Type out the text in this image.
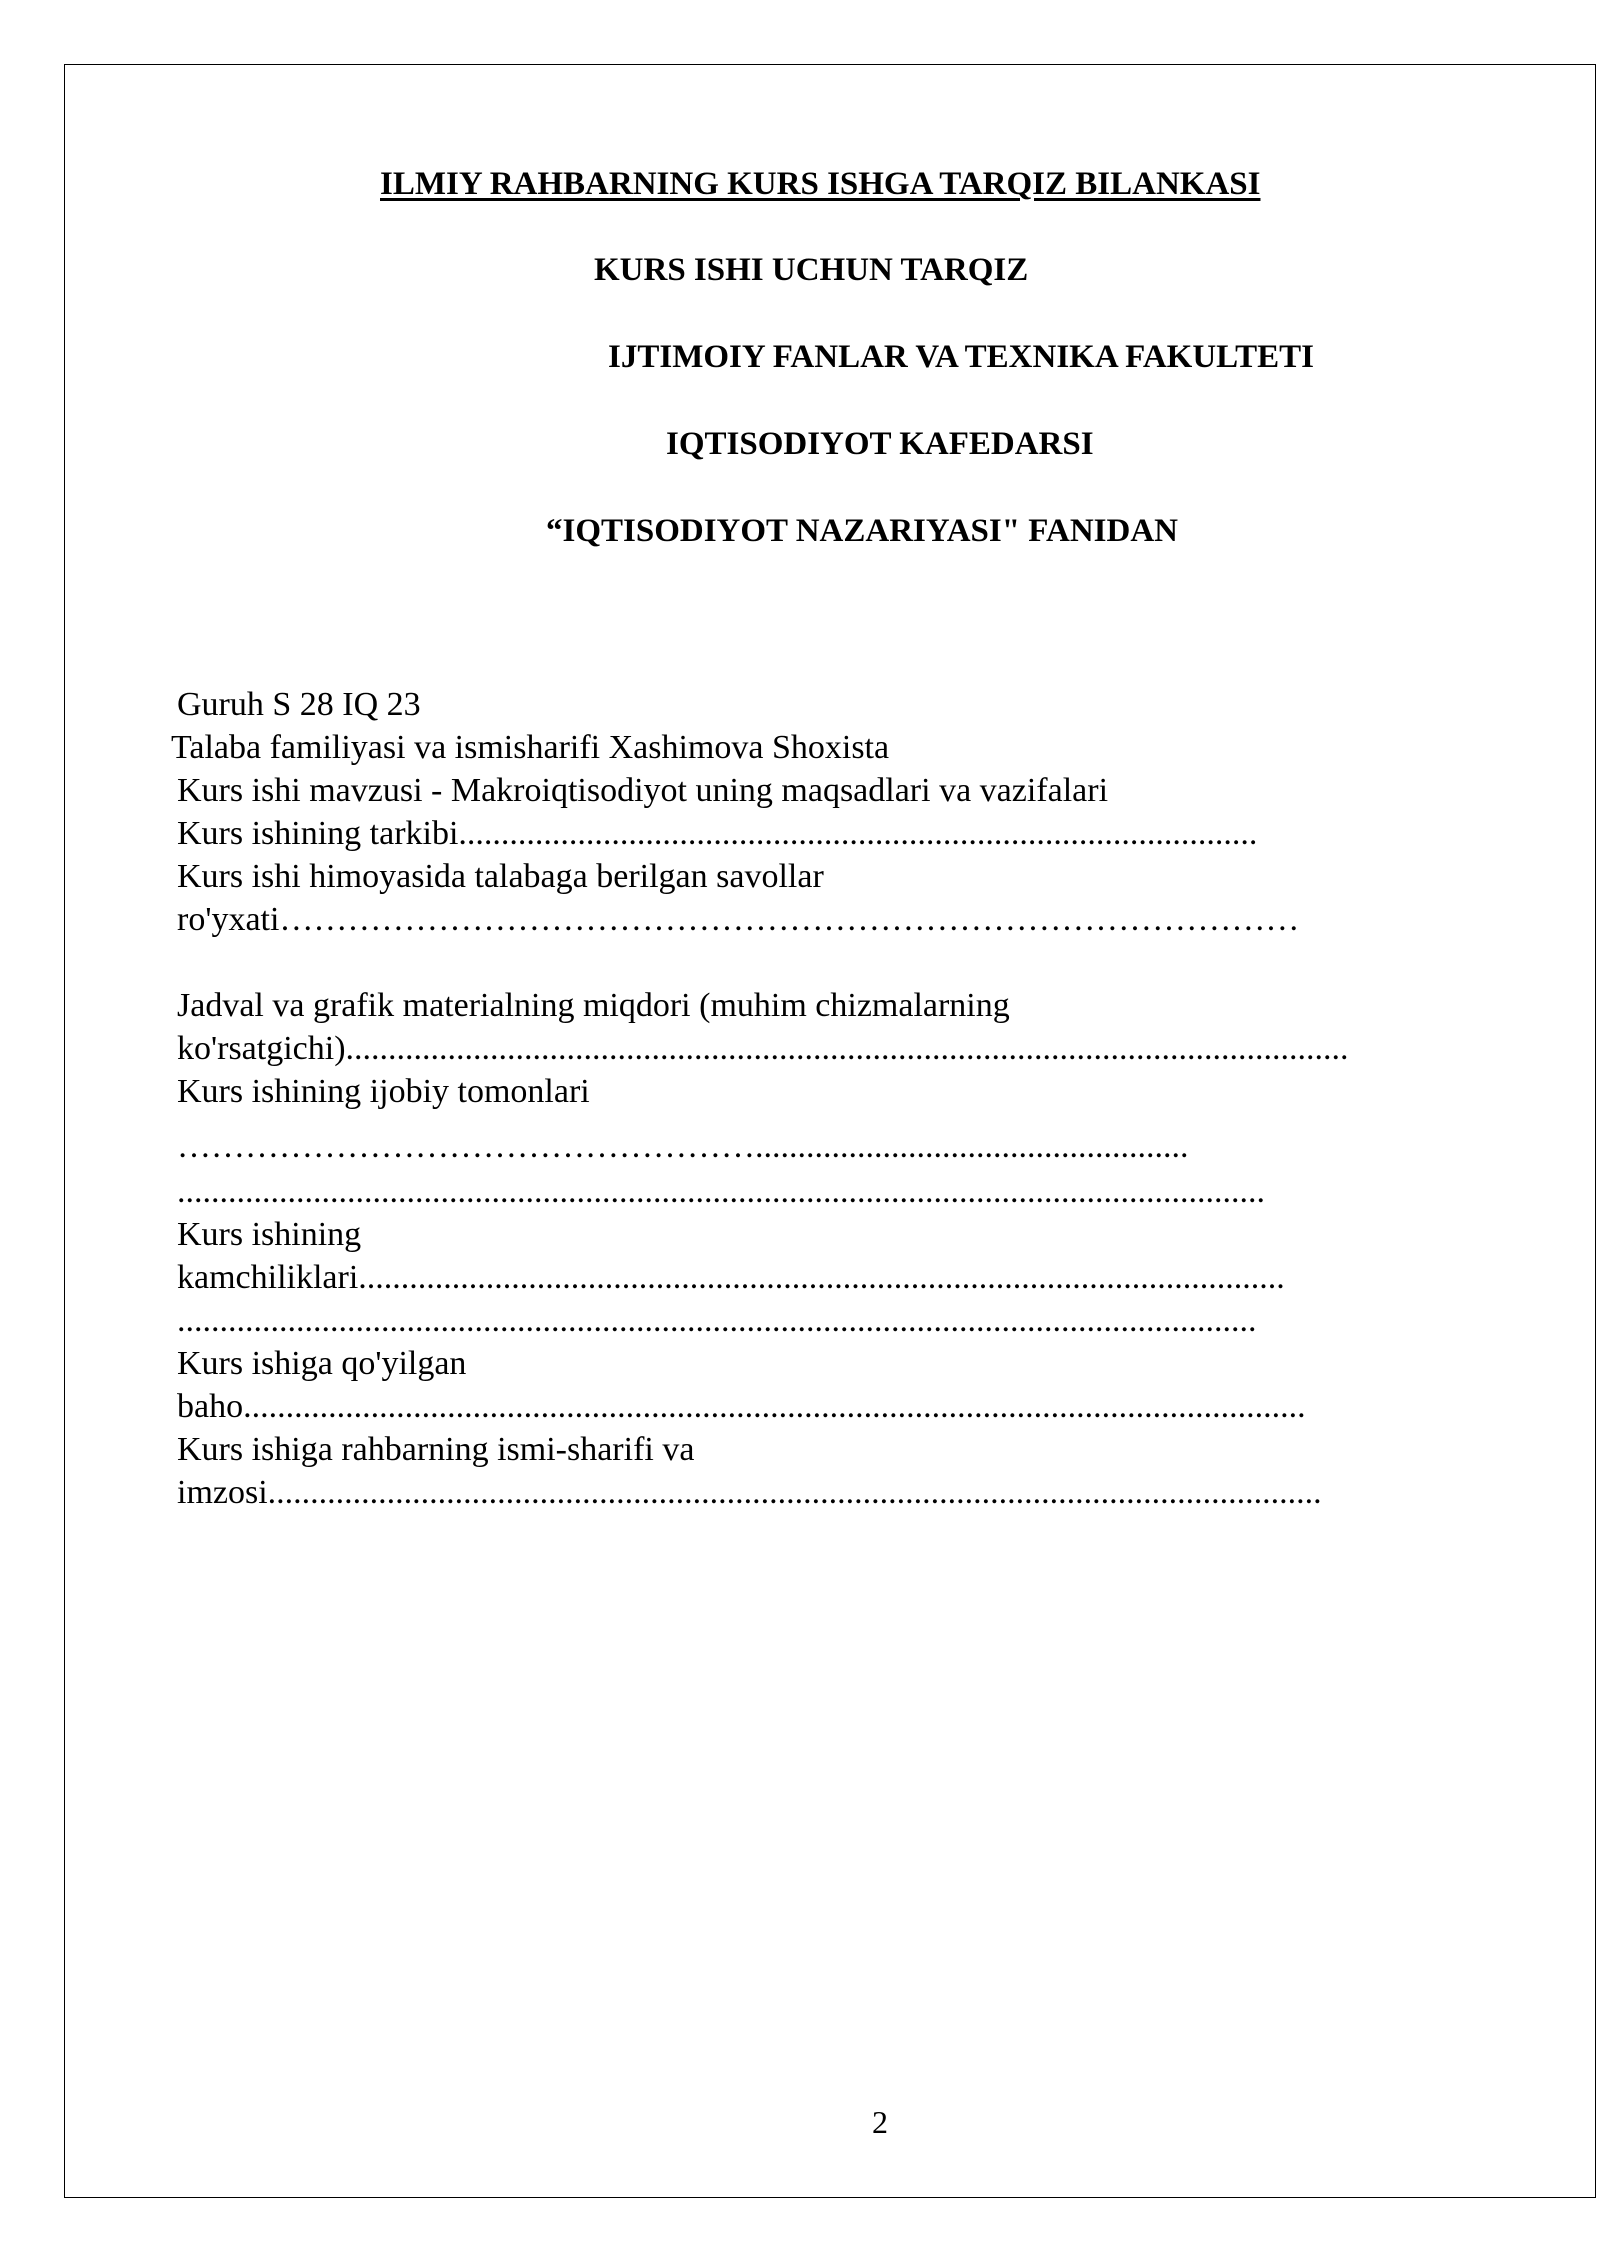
ILMIY RAHBARNING KURS ISHGA TARQIZ BILANKASI
KURS ISHI UCHUN TARQIZ
IJTIMOIY FANLAR VA TEXNIKA FAKULTETI
IQTISODIYOT KAFEDARSI
“IQTISODIYOT NAZARIYASI" FANIDAN
Guruh S 28 IQ 23
Talaba familiyasi va ismisharifi Xashimova Shoxista
Kurs ishi mavzusi - Makroiqtisodiyot uning maqsadlari va vazifalari
Kurs ishining tarkibi..............................................................................................
Kurs ishi himoyasida talabaga berilgan savollar
ro'yxati………………………………………………………………………………
Jadval va grafik materialning miqdori (muhim chizmalarning
ko'rsatgichi)......................................................................................................................
Kurs ishining ijobiy tomonlari
……………………………………………...................................................
................................................................................................................................
Kurs ishining
kamchiliklari.............................................................................................................
...............................................................................................................................
Kurs ishiga qo'yilgan
baho.............................................................................................................................
Kurs ishiga rahbarning ismi-sharifi va
imzosi............................................................................................................................
2
